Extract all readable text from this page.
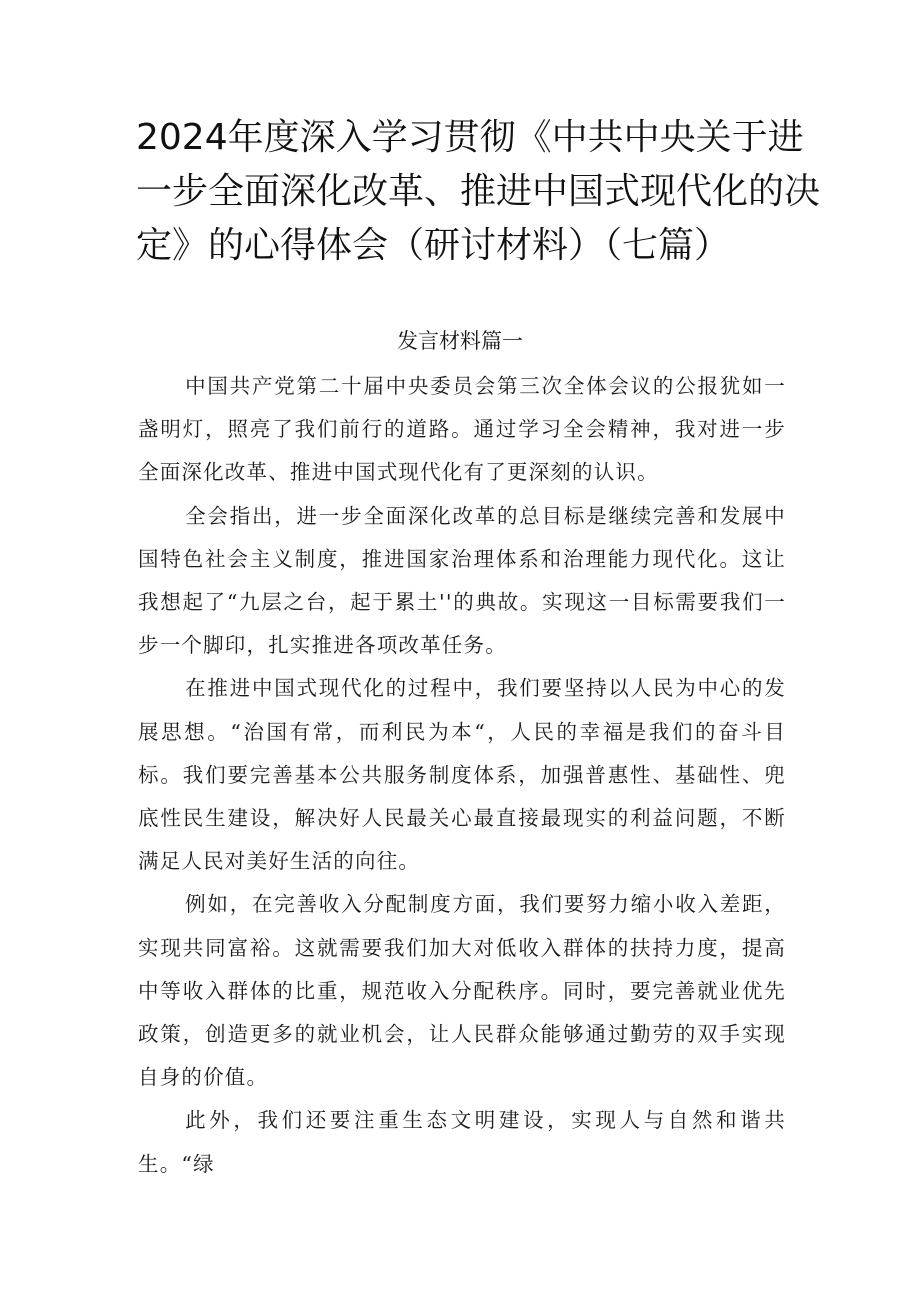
2024年度深入学习贯彻《中共中央关于进
一步全面深化改革、推进中国式现代化的决
定》的心得体会（研讨材料）（七篇）
发言材料篇一

中国共产党第二十届中央委员会第三次全体会议的公报犹如一盏明灯，照亮了我们前行的道路。通过学习全会精神，我对进一步全面深化改革、推进中国式现代化有了更深刻的认识。

全会指出，进一步全面深化改革的总目标是继续完善和发展中国特色社会主义制度，推进国家治理体系和治理能力现代化。这让我想起了“九层之台，起于累土''的典故。实现这一目标需要我们一步一个脚印，扎实推进各项改革任务。

在推进中国式现代化的过程中，我们要坚持以人民为中心的发展思想。“治国有常，而利民为本“，人民的幸福是我们的奋斗目标。我们要完善基本公共服务制度体系，加强普惠性、基础性、兜底性民生建设，解决好人民最关心最直接最现实的利益问题，不断满足人民对美好生活的向往。

例如，在完善收入分配制度方面，我们要努力缩小收入差距，实现共同富裕。这就需要我们加大对低收入群体的扶持力度，提高中等收入群体的比重，规范收入分配秩序。同时，要完善就业优先政策，创造更多的就业机会，让人民群众能够通过勤劳的双手实现自身的价值。

此外，我们还要注重生态文明建设，实现人与自然和谐共生。“绿
